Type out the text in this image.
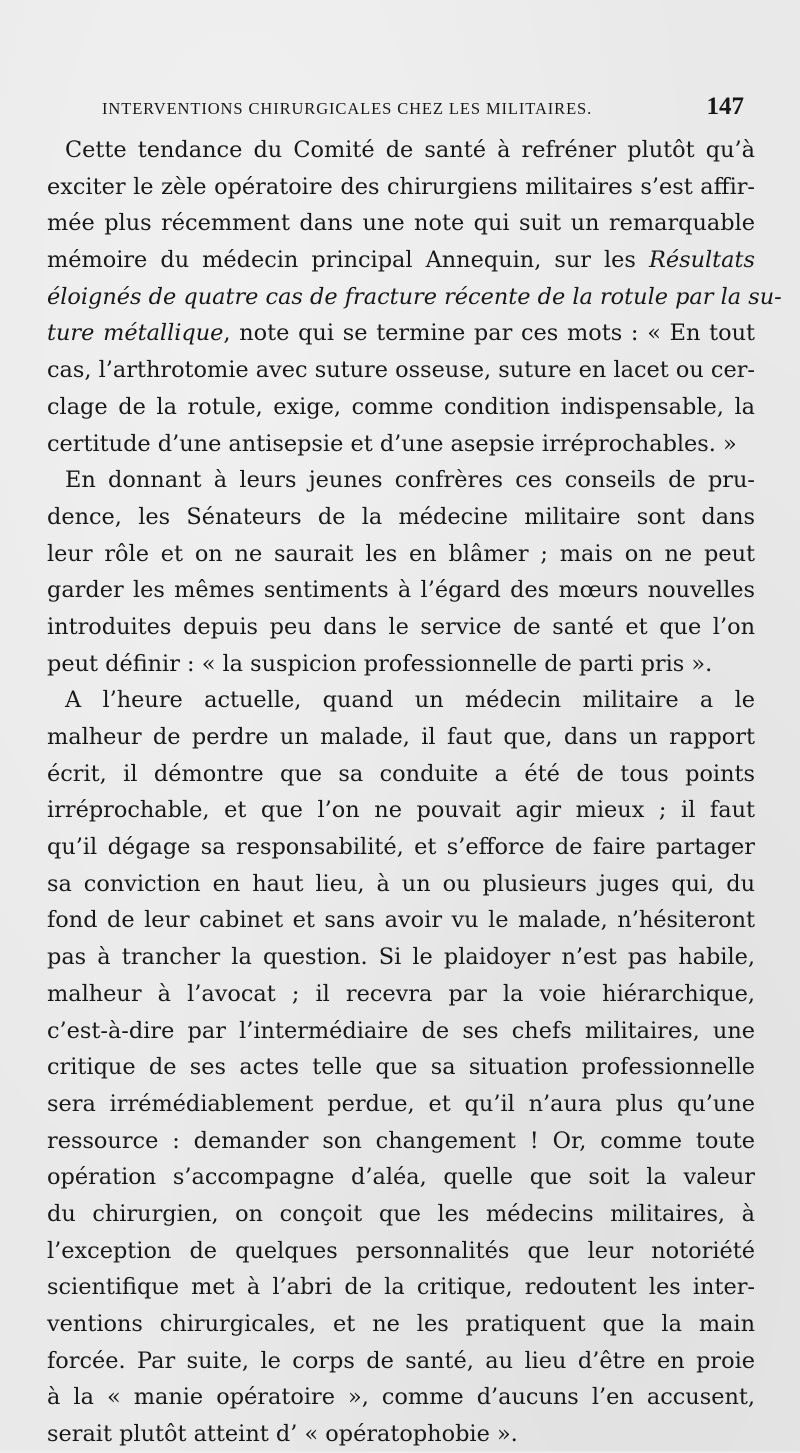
INTERVENTIONS CHIRURGICALES CHEZ LES MILITAIRES.	147
Cette tendance du Comité de santé à refréner plutôt qu’à
exciter le zèle opératoire des chirurgiens militaires s’est affir-
mée plus récemment dans une note qui suit un remarquable
mémoire du médecin principal Annequin, sur les Résultats
éloignés de quatre cas de fracture récente de la rotule par la su-
ture métallique, note qui se termine par ces mots : « En tout
cas, l’arthrotomie avec suture osseuse, suture en lacet ou cer-
clage de la rotule, exige, comme condition indispensable, la
certitude d’une antisepsie et d’une asepsie irréprochables. »
En donnant à leurs jeunes confrères ces conseils de pru-
dence, les Sénateurs de la médecine militaire sont dans
leur rôle et on ne saurait les en blâmer ; mais on ne peut
garder les mêmes sentiments à l’égard des mœurs nouvelles
introduites depuis peu dans le service de santé et que l’on
peut définir : « la suspicion professionnelle de parti pris ».
A l’heure actuelle, quand un médecin militaire a le
malheur de perdre un malade, il faut que, dans un rapport
écrit, il démontre que sa conduite a été de tous points
irréprochable, et que l’on ne pouvait agir mieux ; il faut
qu’il dégage sa responsabilité, et s’efforce de faire partager
sa conviction en haut lieu, à un ou plusieurs juges qui, du
fond de leur cabinet et sans avoir vu le malade, n’hésiteront
pas à trancher la question. Si le plaidoyer n’est pas habile,
malheur à l’avocat ; il recevra par la voie hiérarchique,
c’est-à-dire par l’intermédiaire de ses chefs militaires, une
critique de ses actes telle que sa situation professionnelle
sera irrémédiablement perdue, et qu’il n’aura plus qu’une
ressource : demander son changement ! Or, comme toute
opération s’accompagne d’aléa, quelle que soit la valeur
du chirurgien, on conçoit que les médecins militaires, à
l’exception de quelques personnalités que leur notoriété
scientifique met à l’abri de la critique, redoutent les inter-
ventions chirurgicales, et ne les pratiquent que la main
forcée. Par suite, le corps de santé, au lieu d’être en proie
à la « manie opératoire », comme d’aucuns l’en accusent,
serait plutôt atteint d’ « opératophobie ».
